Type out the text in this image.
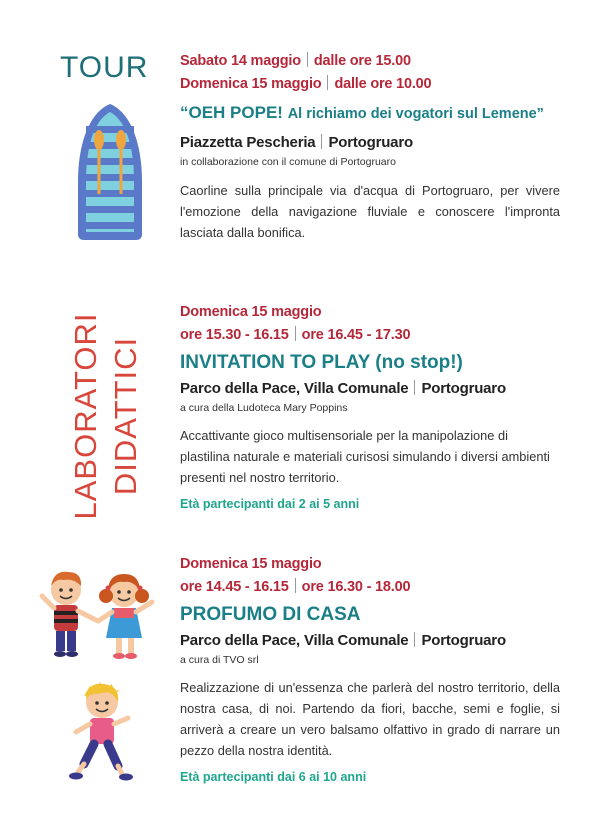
TOUR Sabato 14 maggio dalle ore 15.00
Domenica 15 maggio dalle ore 10.00
“OEH POPE! Al richiamo dei vogatori sul Lemene”
Piazzetta Pescheria Portogruaro
in collaborazione con il comune di Portogruaro
Caorline sulla principale via d'acqua di Portogruaro, per vivere l'emozione della navigazione fluviale e conoscere l'impronta lasciata dalla bonifica.
LABORATORI DIDATTICI
Domenica 15 maggio
ore 15.30 - 16.15 ore 16.45 - 17.30
INVITATION TO PLAY (no stop!)
Parco della Pace, Villa Comunale Portogruaro
a cura della Ludoteca Mary Poppins
Accattivante gioco multisensoriale per la manipolazione di plastilina naturale e materiali curisosi simulando i diversi ambienti presenti nel nostro territorio.
Età partecipanti dai 2 ai 5 anni
Domenica 15 maggio
ore 14.45 - 16.15 ore 16.30 - 18.00
PROFUMO DI CASA
Parco della Pace, Villa Comunale Portogruaro
a cura di TVO srl
Realizzazione di un'essenza che parlerà del nostro territorio, della nostra casa, di noi. Partendo da fiori, bacche, semi e foglie, si arriverà a creare un vero balsamo olfattivo in grado di narrare un pezzo della nostra identità.
Età partecipanti dai 6 ai 10 anni
